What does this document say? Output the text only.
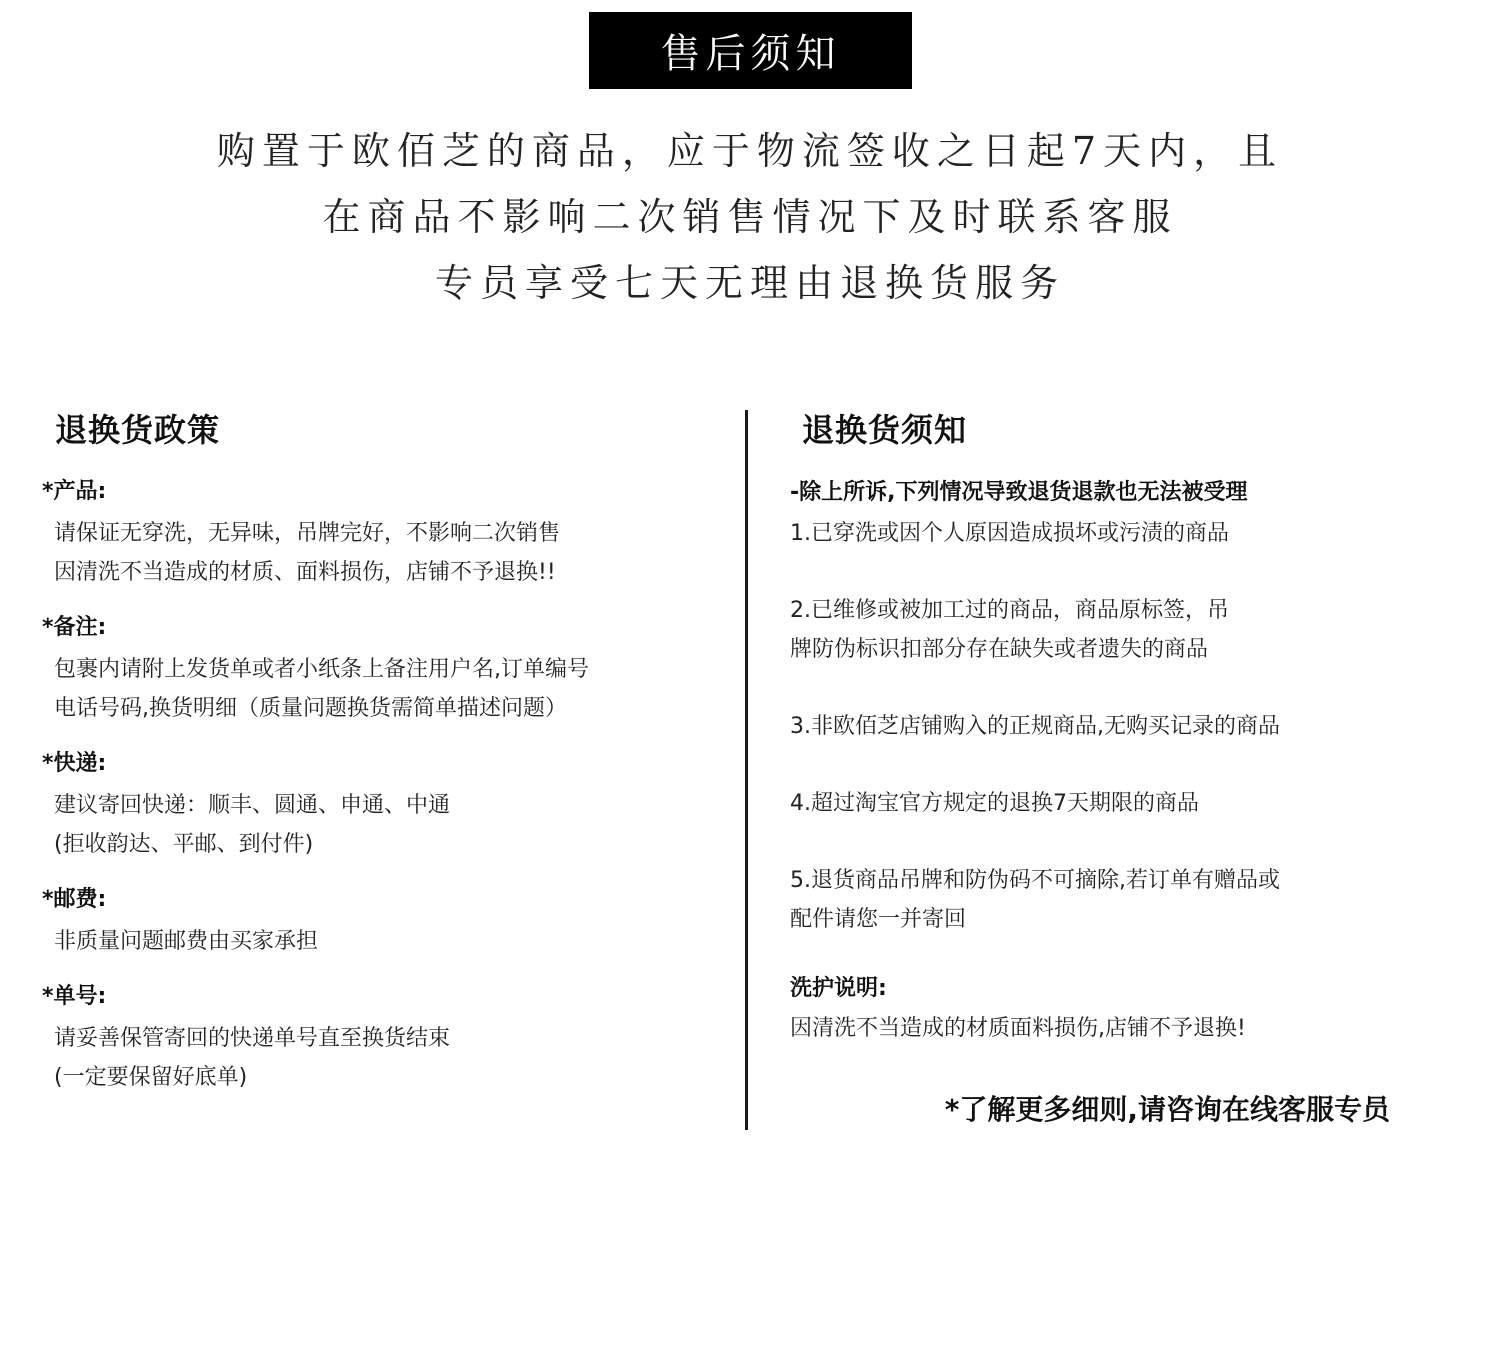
售后须知
购置于欧佰芝的商品，应于物流签收之日起7天内，且
在商品不影响二次销售情况下及时联系客服
专员享受七天无理由退换货服务
退换货政策	退换货须知
*产品:
请保证无穿洗，无异味，吊牌完好，不影响二次销售
因清洗不当造成的材质、面料损伤，店铺不予退换!!
*备注:
包裹内请附上发货单或者小纸条上备注用户名,订单编号
电话号码,换货明细（质量问题换货需简单描述问题）
*快递:
建议寄回快递：顺丰、圆通、申通、中通
(拒收韵达、平邮、到付件)
*邮费:
非质量问题邮费由买家承担
*单号:
请妥善保管寄回的快递单号直至换货结束
(一定要保留好底单)
-除上所诉,下列情况导致退货退款也无法被受理
1.已穿洗或因个人原因造成损坏或污渍的商品
2.已维修或被加工过的商品，商品原标签，吊
牌防伪标识扣部分存在缺失或者遗失的商品
3.非欧佰芝店铺购入的正规商品,无购买记录的商品
4.超过淘宝官方规定的退换7天期限的商品
5.退货商品吊牌和防伪码不可摘除,若订单有赠品或
配件请您一并寄回
洗护说明:
因清洗不当造成的材质面料损伤,店铺不予退换!
*了解更多细则,请咨询在线客服专员
